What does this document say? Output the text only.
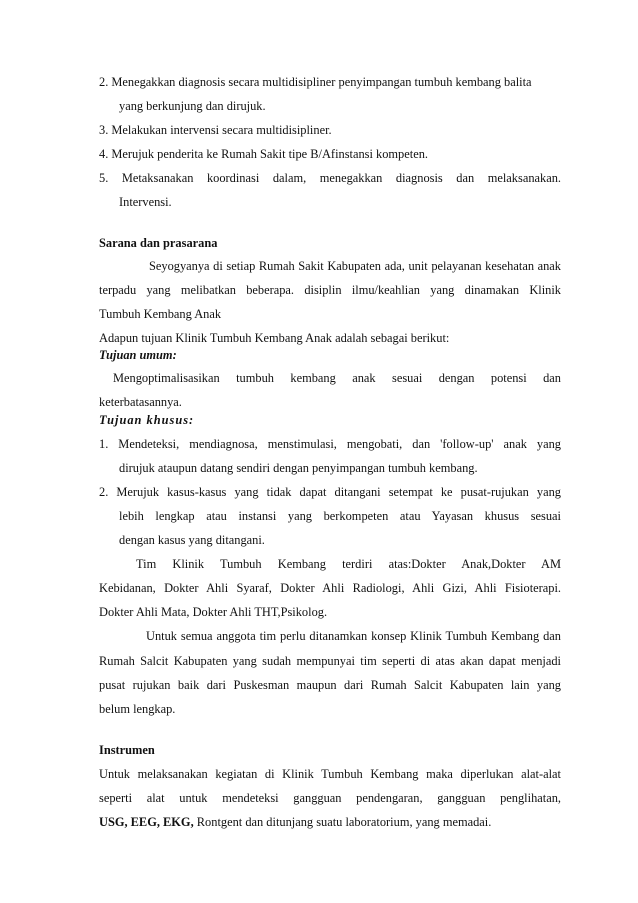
2. Menegakkan diagnosis secara multidisipliner penyimpangan tumbuh kembang balita
yang berkunjung dan dirujuk.
3. Melakukan intervensi secara multidisipliner.
4. Merujuk penderita ke Rumah Sakit tipe B/Afinstansi kompeten.
5. Metaksanakan koordinasi dalam, menegakkan diagnosis dan melaksanakan.
Intervensi.
Sarana dan prasarana
Seyogyanya di setiap Rumah Sakit Kabupaten ada, unit pelayanan kesehatan anak
terpadu yang melibatkan beberapa. disiplin ilmu/keahlian yang dinamakan Klinik
Tumbuh Kembang Anak
Adapun tujuan Klinik Tumbuh Kembang Anak adalah sebagai berikut:
Tujuan umum:
Mengoptimalisasikan tumbuh kembang anak sesuai dengan potensi dan
keterbatasannya.
Tujuan khusus:
1. Mendeteksi, mendiagnosa, menstimulasi, mengobati, dan 'follow-up' anak yang
dirujuk ataupun datang sendiri dengan penyimpangan tumbuh kembang.
2. Merujuk kasus-kasus yang tidak dapat ditangani setempat ke pusat-rujukan yang
lebih lengkap atau instansi yang berkompeten atau Yayasan khusus sesuai
dengan kasus yang ditangani.
Tim Klinik Tumbuh Kembang terdiri atas:Dokter Anak,Dokter AM
Kebidanan, Dokter Ahli Syaraf, Dokter Ahli Radiologi, Ahli Gizi, Ahli Fisioterapi.
Dokter Ahli Mata, Dokter Ahli THT,Psikolog.
Untuk semua anggota tim perlu ditanamkan konsep Klinik Tumbuh Kembang dan
Rumah Salcit Kabupaten yang sudah mempunyai tim seperti di atas akan dapat menjadi
pusat rujukan baik dari Puskesman maupun dari Rumah Salcit Kabupaten lain yang
belum lengkap.
Instrumen
Untuk melaksanakan kegiatan di Klinik Tumbuh Kembang maka diperlukan alat-alat
seperti alat untuk mendeteksi gangguan pendengaran, gangguan penglihatan,
USG, EEG, EKG, Rontgent dan ditunjang suatu laboratorium, yang memadai.
